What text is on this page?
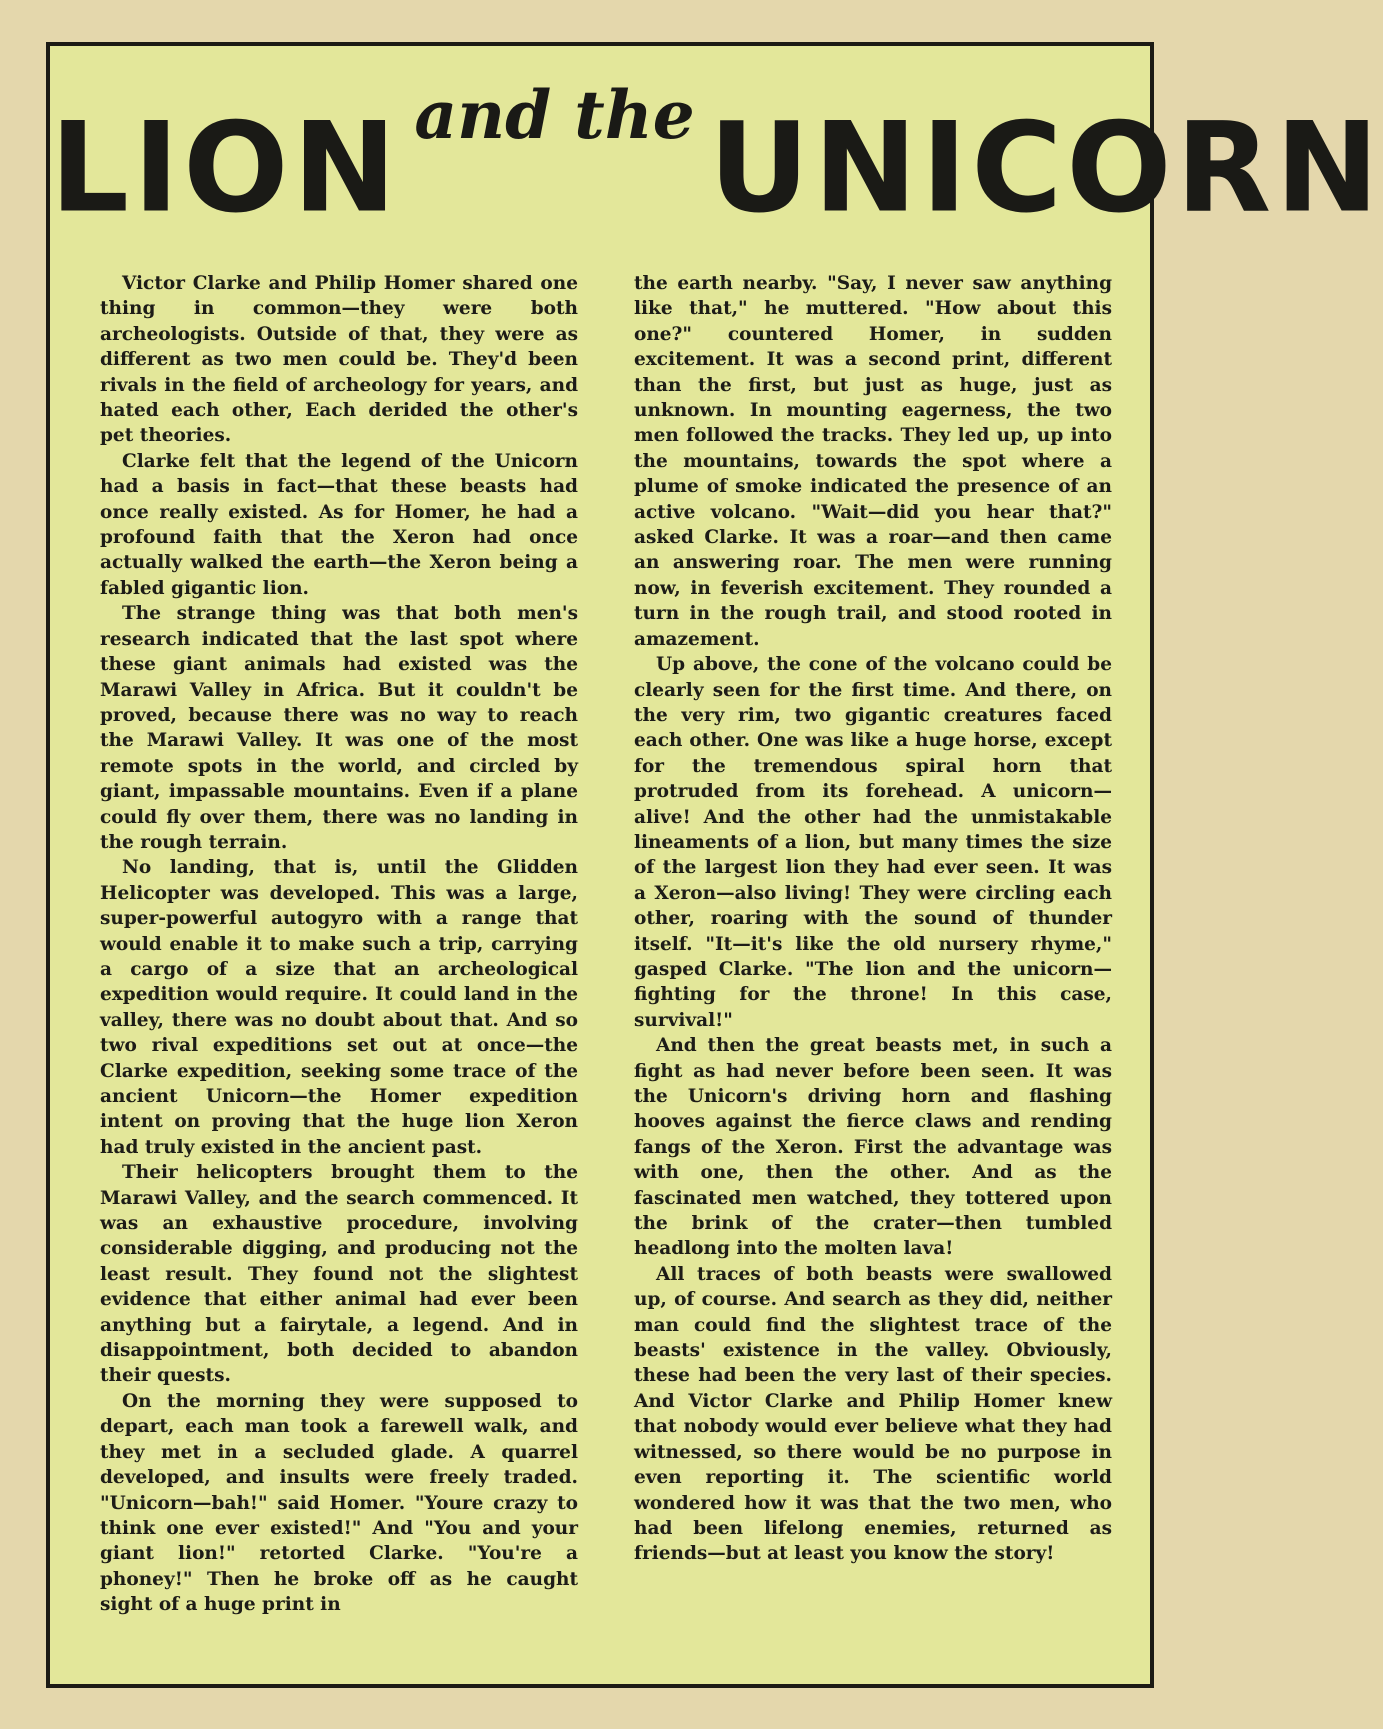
LION and the UNICORN

Victor Clarke and Philip Homer shared one thing in common—they were both archeologists. Outside of that, they were as different as two men could be. They'd been rivals in the field of archeology for years, and hated each other, Each derided the other's pet theories.

Clarke felt that the legend of the Unicorn had a basis in fact—that these beasts had once really existed. As for Homer, he had a profound faith that the Xeron had once actually walked the earth—the Xeron being a fabled gigantic lion.

The strange thing was that both men's research indicated that the last spot where these giant animals had existed was the Marawi Valley in Africa. But it couldn't be proved, because there was no way to reach the Marawi Valley. It was one of the most remote spots in the world, and circled by giant, impassable mountains. Even if a plane could fly over them, there was no landing in the rough terrain.

No landing, that is, until the Glidden Helicopter was developed. This was a large, super-powerful autogyro with a range that would enable it to make such a trip, carrying a cargo of a size that an archeological expedition would require. It could land in the valley, there was no doubt about that. And so two rival expeditions set out at once—the Clarke expedition, seeking some trace of the ancient Unicorn—the Homer expedition intent on proving that the huge lion Xeron had truly existed in the ancient past.

Their helicopters brought them to the Marawi Valley, and the search commenced. It was an exhaustive procedure, involving considerable digging, and producing not the least result. They found not the slightest evidence that either animal had ever been anything but a fairytale, a legend. And in disappointment, both decided to abandon their quests.

On the morning they were supposed to depart, each man took a farewell walk, and they met in a secluded glade. A quarrel developed, and insults were freely traded. "Unicorn—bah!" said Homer. "Youre crazy to think one ever existed!" And "You and your giant lion!" retorted Clarke. "You're a phoney!" Then he broke off as he caught sight of a huge print in

the earth nearby. "Say, I never saw anything like that," he muttered. "How about this one?" countered Homer, in sudden excitement. It was a second print, different than the first, but just as huge, just as unknown. In mounting eagerness, the two men followed the tracks. They led up, up into the mountains, towards the spot where a plume of smoke indicated the presence of an active volcano. "Wait—did you hear that?" asked Clarke. It was a roar—and then came an answering roar. The men were running now, in feverish excitement. They rounded a turn in the rough trail, and stood rooted in amazement.

Up above, the cone of the volcano could be clearly seen for the first time. And there, on the very rim, two gigantic creatures faced each other. One was like a huge horse, except for the tremendous spiral horn that protruded from its forehead. A unicorn—alive! And the other had the unmistakable lineaments of a lion, but many times the size of the largest lion they had ever seen. It was a Xeron—also living! They were circling each other, roaring with the sound of thunder itself. "It—it's like the old nursery rhyme," gasped Clarke. "The lion and the unicorn—fighting for the throne! In this case, survival!"

And then the great beasts met, in such a fight as had never before been seen. It was the Unicorn's driving horn and flashing hooves against the fierce claws and rending fangs of the Xeron. First the advantage was with one, then the other. And as the fascinated men watched, they tottered upon the brink of the crater—then tumbled headlong into the molten lava!

All traces of both beasts were swallowed up, of course. And search as they did, neither man could find the slightest trace of the beasts' existence in the valley. Obviously, these had been the very last of their species. And Victor Clarke and Philip Homer knew that nobody would ever believe what they had witnessed, so there would be no purpose in even reporting it. The scientific world wondered how it was that the two men, who had been lifelong enemies, returned as friends—but at least you know the story!
